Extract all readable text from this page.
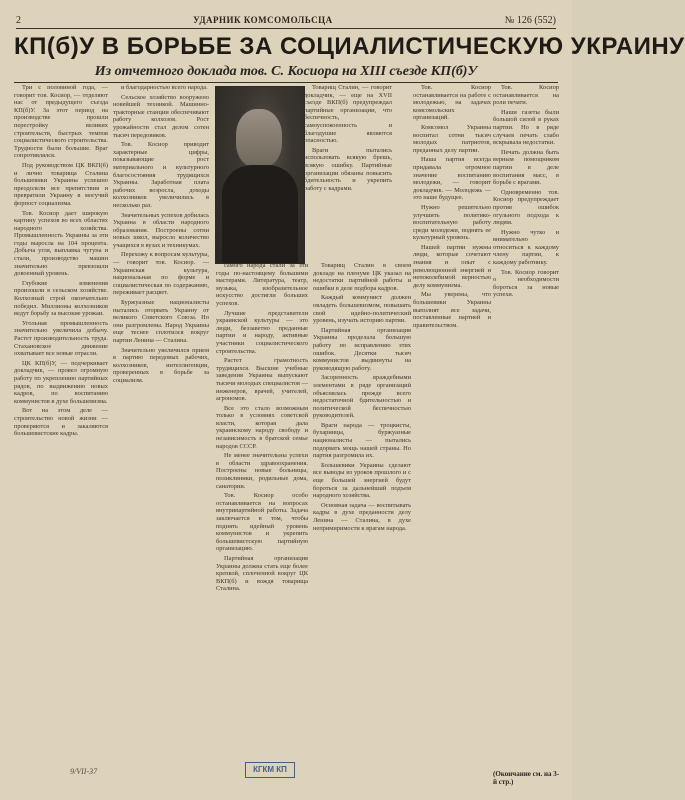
2	УДАРНИК КОМСОМОЛЬСЦА	№ 126 (552)
КП(б)У В БОРЬБЕ ЗА СОЦИАЛИСТИЧЕСКУЮ УКРАИНУ
Из отчетного доклада тов. С. Косиора на XIII съезде КП(б)У

Три с половиной года, — говорит тов. Косиор, — отделяют нас от предыдущего съезда КП(б)У. За этот период на производстве прошли перестройку великих строительств, быстрых темпов социалистического строительства. Трудности были большие. Враг сопротивлялся.

Под руководством ЦК ВКП(б) и лично товарища Сталина большевики Украины успешно преодолели все препятствия и превратили Украину в могучий форпост социализма.

Тов. Косиор дает широкую картину успехов во всех областях народного хозяйства. Промышленность Украины за эти годы выросла на 104 процента. Добыча угля, выплавка чугуна и стали, производство машин значительно превзошли довоенный уровень.

Глубокие изменения произошли в сельском хозяйстве. Колхозный строй окончательно победил. Миллионы колхозников ведут борьбу за высокие урожаи.

Угольная промышленность значительно увеличила добычу. Растет производительность труда. Стахановское движение охватывает все новые отрасли.

ЦК КП(б)У, — подчеркивает докладчик, — провел огромную работу по укреплению партийных рядов, по выдвижению новых кадров, по воспитанию коммунистов в духе большевизма.

Вот на этом деле — строительство новой жизни — проверяются и закаляются большевистские кадры.

и благодарностью всего народа.

Сельское хозяйство вооружено новейшей техникой. Машинно-тракторные станции обеспечивают работу колхозов. Рост урожайности стал делом сотен тысяч передовиков.

Тов. Косиор приводит характерные цифры, показывающие рост материального и культурного благосостояния трудящихся Украины. Заработная плата рабочих возросла, доходы колхозников увеличились в несколько раз.

Значительных успехов добилась Украина в области народного образования. Построены сотни новых школ, выросло количество учащихся в вузах и техникумах.

Перехожу к вопросам культуры, — говорит тов. Косиор. — Украинская культура, национальная по форме и социалистическая по содержанию, переживает расцвет.

Буржуазные националисты пытались оторвать Украину от великого Советского Союза. Но они разгромлены. Народ Украины еще теснее сплотился вокруг партии Ленина — Сталина.

Значительно увеличился прием в партию передовых рабочих, колхозников, интеллигенции, проверенных в борьбе за социализм.

Товарищ Сталин, — говорит докладчик, — еще на XVII съезде ВКП(б) предупреждал партийные организации, что беспечность, самоуспокоенность и благодушие являются опасностью.

Враги пытались использовать всякую брешь, всякую ошибку. Партийные организации обязаны повысить бдительность и укрепить работу с кадрами.

самого народа стали за эти годы по-настоящему большими мастерами. Литература, театр, музыка, изобразительное искусство достигли больших успехов.

Лучшие представители украинской культуры — это люди, беззаветно преданные партии и народу, активные участники социалистического строительства.

Растет грамотность трудящихся. Высшие учебные заведения Украины выпускают тысячи молодых специалистов — инженеров, врачей, учителей, агрономов.

Все это стало возможным только в условиях советской власти, которая дала украинскому народу свободу и независимость в братской семье народов СССР.

Не менее значительны успехи в области здравоохранения. Построены новые больницы, поликлиники, родильные дома, санатории.

Тов. Косиор особо останавливается на вопросах внутрипартийной работы. Задача заключается в том, чтобы поднять идейный уровень коммунистов и укрепить большевистскую партийную организацию.

Партийная организация Украины должна стать еще более крепкой, сплоченной вокруг ЦК ВКП(б) и вождя товарища Сталина.

Товарищ Сталин в своем докладе на пленуме ЦК указал на недостатки партийной работы и ошибки в деле подбора кадров.

Каждый коммунист должен овладеть большевизмом, повышать свой идейно-политический уровень, изучать историю партии.

Партийная организация Украины проделала большую работу по исправлению этих ошибок. Десятки тысяч коммунистов выдвинуты на руководящую работу.

Засоренность враждебными элементами в ряде организаций объяснялась прежде всего недостаточной бдительностью и политической беспечностью руководителей.

Враги народа — троцкисты, бухаринцы, буржуазные националисты — пытались подорвать мощь нашей страны. Но партия разгромила их.

Большевики Украины сделают все выводы из уроков прошлого и с еще большей энергией будут бороться за дальнейший подъем народного хозяйства.

Основная задача — воспитывать кадры в духе преданности делу Ленина — Сталина, в духе непримиримости к врагам народа.

Тов. Косиор останавливается на работе с молодежью, на задачах комсомольских организаций.

Комсомол Украины воспитал сотни тысяч молодых патриотов, преданных делу партии.

Наша партия всегда придавала огромное значение воспитанию молодежи, — говорит докладчик. — Молодежь — это наше будущее.

Нужно решительно улучшить политико-воспитательную работу среди молодежи, поднять ее культурный уровень.

Нашей партии нужны люди, которые сочетают знания и опыт с революционной энергией и непоколебимой верностью делу коммунизма.

Мы уверены, что большевики Украины выполнят все задачи, поставленные партией и правительством.

Тов. Косиор останавливается на роли печати.

Наши газеты были большой силой в руках партии. Но в ряде случаев печать слабо вскрывала недостатки.

Печать должна быть верным помощником партии в деле воспитания масс, в борьбе с врагами.

Одновременно тов. Косиор предупреждает против ошибок огульного подхода к людям.

Нужно чутко и внимательно относиться к каждому члену партии, к каждому работнику.

Тов. Косиор говорит о необходимости бороться за новые успехи.

9/VII-37	КГКМ КП	(Окончание см. на 3-й стр.)
